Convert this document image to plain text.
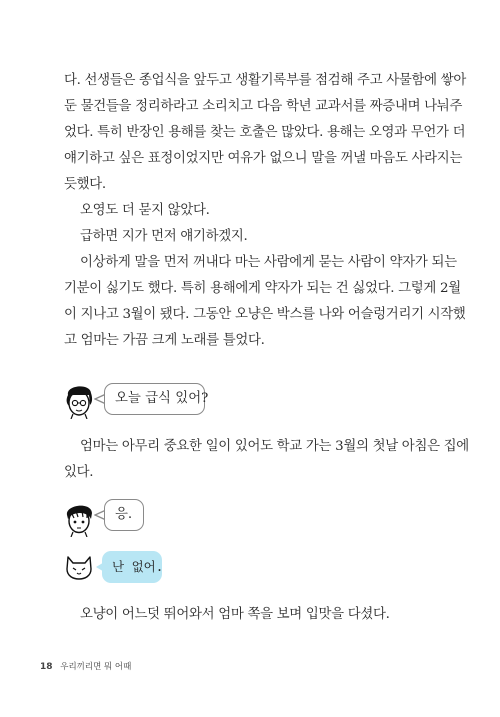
다. 선생들은 종업식을 앞두고 생활기록부를 점검해 주고 사물함에 쌓아
둔 물건들을 정리하라고 소리치고 다음 학년 교과서를 짜증내며 나눠주
었다. 특히 반장인 용해를 찾는 호출은 많았다. 용해는 오영과 무언가 더
얘기하고 싶은 표정이었지만 여유가 없으니 말을 꺼낼 마음도 사라지는
듯했다.
오영도 더 묻지 않았다.
급하면 지가 먼저 얘기하겠지.
이상하게 말을 먼저 꺼내다 마는 사람에게 묻는 사람이 약자가 되는
기분이 싫기도 했다. 특히 용해에게 약자가 되는 건 싫었다. 그렇게 2월
이 지나고 3월이 됐다. 그동안 오냥은 박스를 나와 어슬렁거리기 시작했
고 엄마는 가끔 크게 노래를 틀었다.
오늘 급식 있어?
엄마는 아무리 중요한 일이 있어도 학교 가는 3월의 첫날 아침은 집에
있다.
응.
난 없어.
오냥이 어느덧 뛰어와서 엄마 쪽을 보며 입맛을 다셨다.
18 우리끼리면 뭐 어때
